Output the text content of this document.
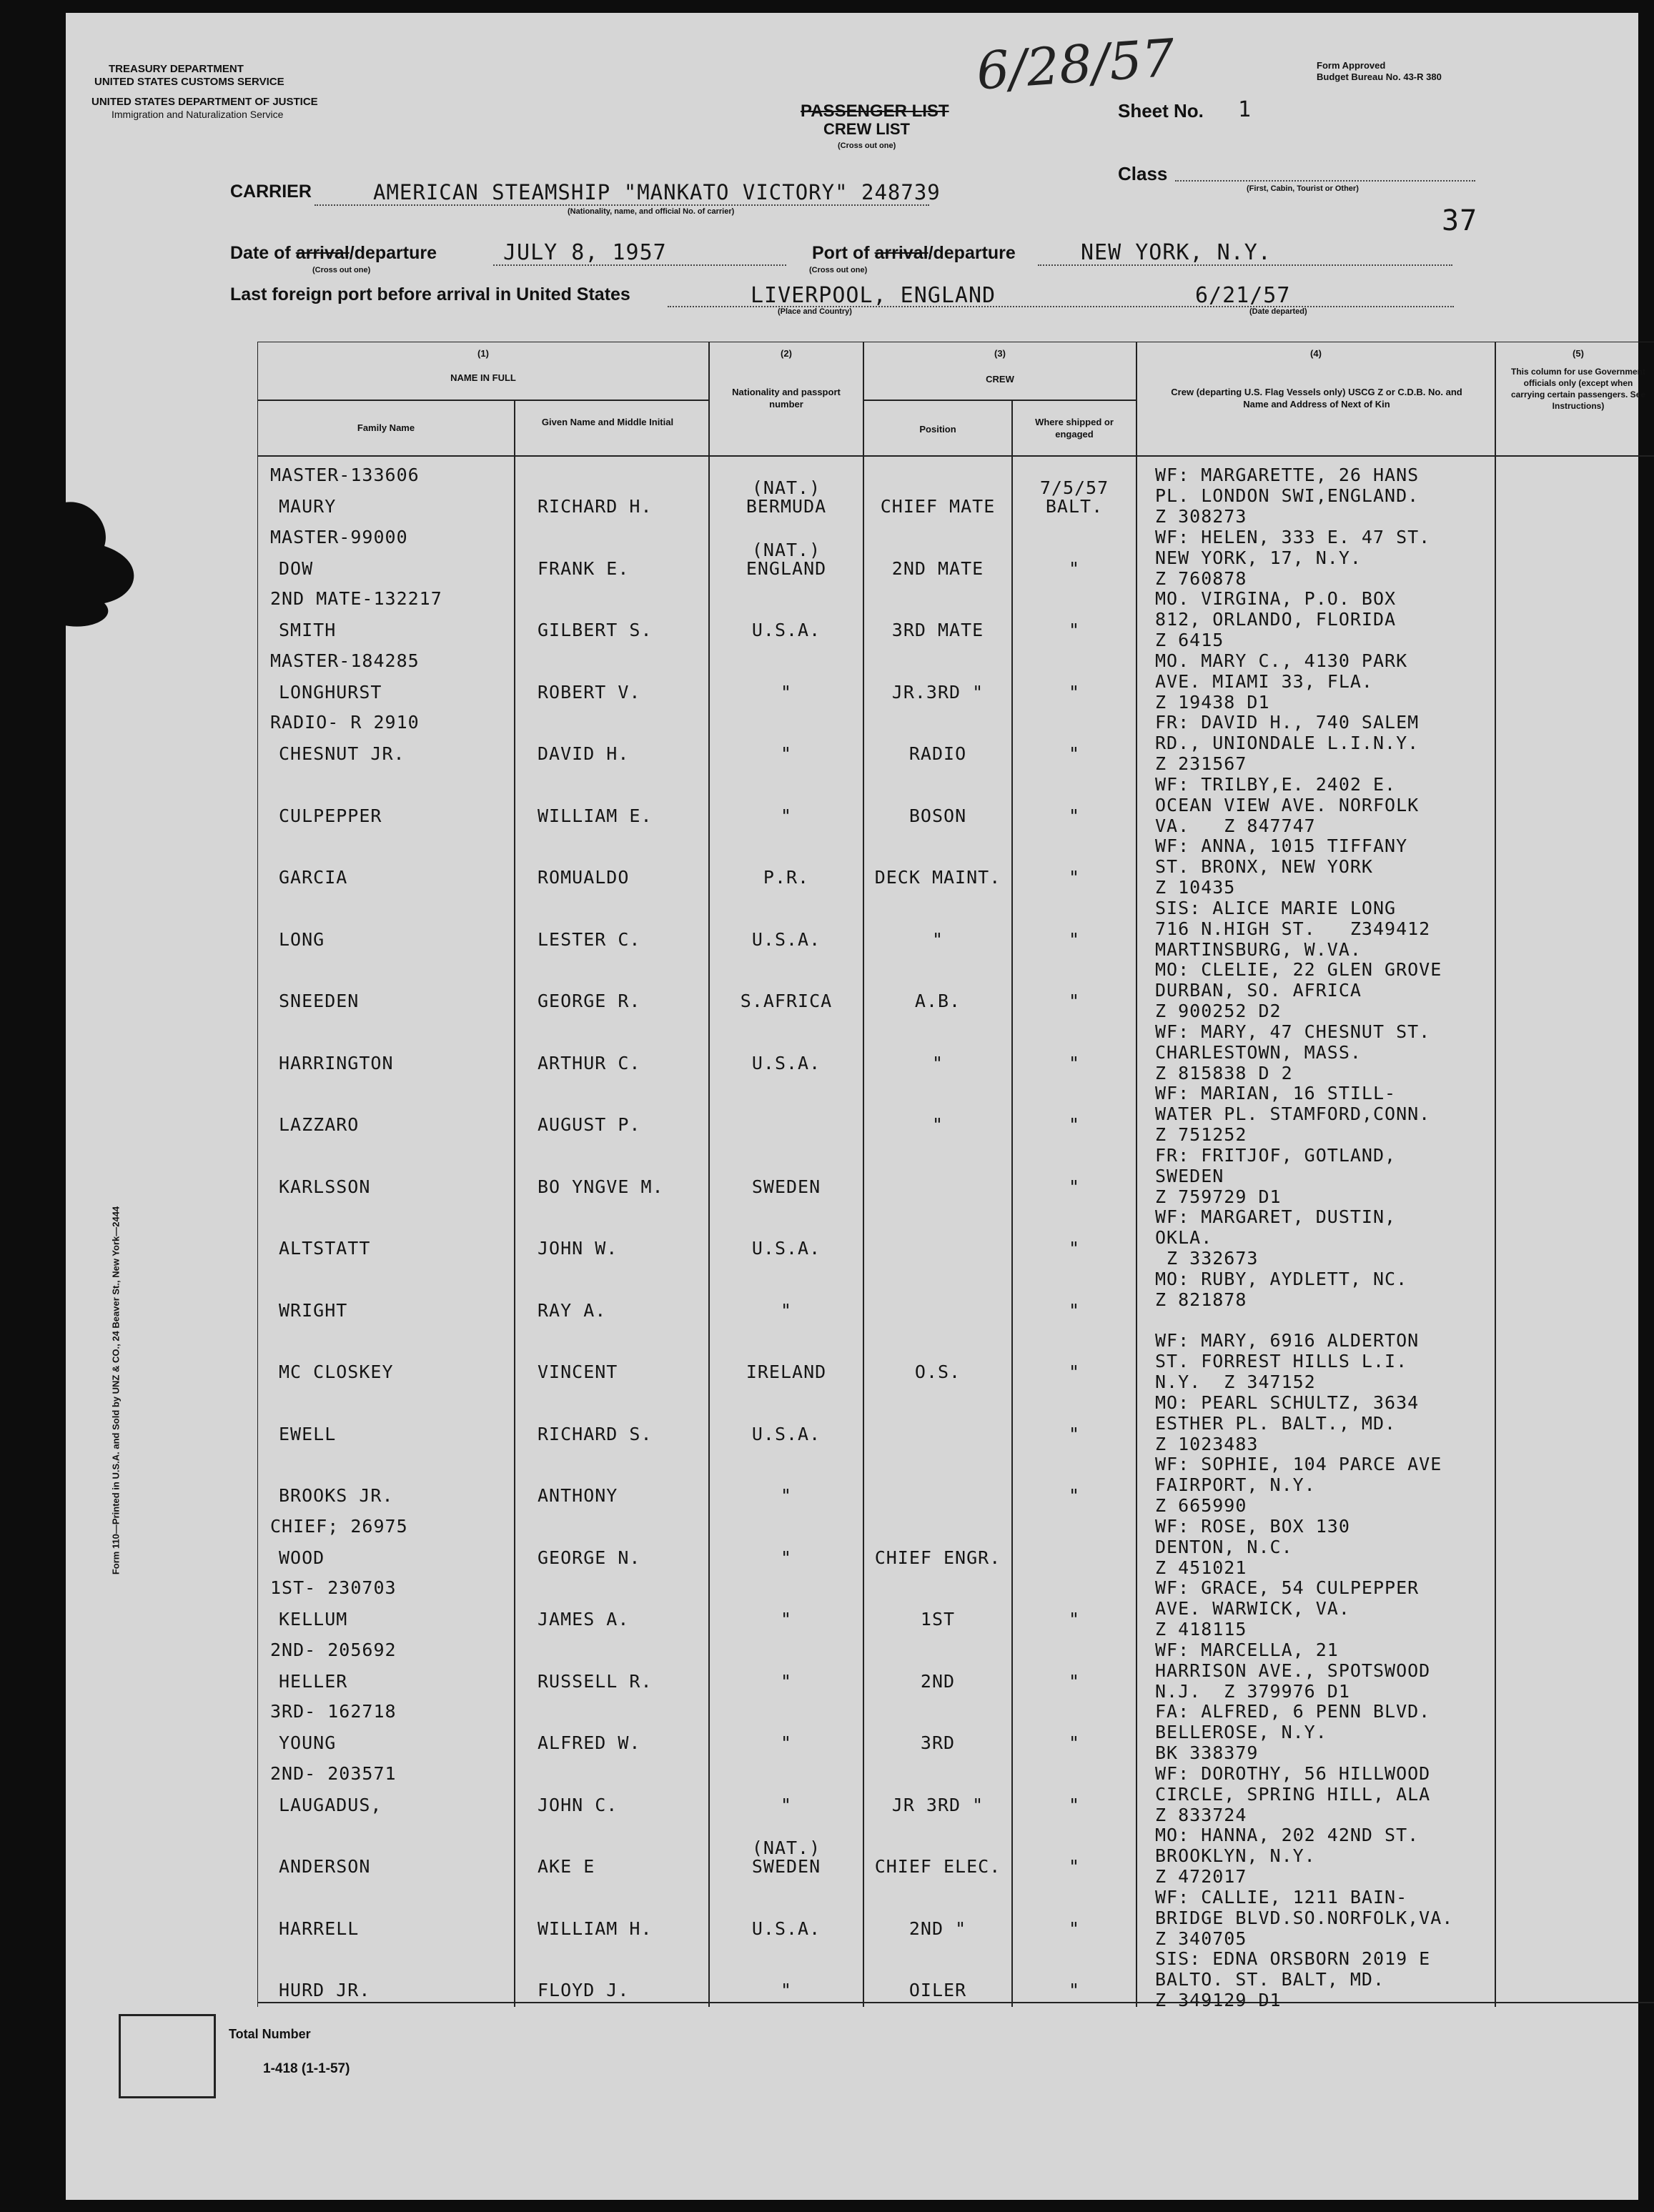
TREASURY DEPARTMENT
UNITED STATES CUSTOMS SERVICE
UNITED STATES DEPARTMENT OF JUSTICE
Immigration and Naturalization Service
Form Approved
Budget Bureau No. 43-R 380
PASSENGER LIST
CREW LIST
(Cross out one)
6/28/57
Sheet No. 1
Class
(First, Cabin, Tourist or Other)
37
CARRIER	AMERICAN STEAMSHIP "MANKATO VICTORY" 248739
(Nationality, name, and official No. of carrier)
Date of arrival/departure	JULY 8, 1957
(Cross out one)
Port of arrival/departure	NEW YORK, N.Y.
(Cross out one)
Last foreign port before arrival in United States	LIVERPOOL, ENGLAND
(Place and Country)
6/21/57
(Date departed)
Form 110—Printed in U.S.A. and Sold by UNZ & CO., 24 Beaver St., New York—2444
(1)
NAME IN FULL
Family Name
Given Name and Middle Initial
(2)
Nationality and passport number
(3)
CREW
Position
Where shipped or engaged
(4)
Crew (departing U.S. Flag Vessels only) USCG Z or C.D.B. No. and Name and Address of Next of Kin
(5)
This column for use Government officials only (except when carrying certain passengers. See Instructions)
MASTER-133606
MAURY	RICHARD H.
(NAT.)
BERMUDA	CHIEF MATE
7/5/57
BALT.
WF: MARGARETTE, 26 HANS
PL. LONDON SWI,ENGLAND.
Z 308273
MASTER-99000
DOW	FRANK E.
(NAT.)
ENGLAND	2ND MATE	"
WF: HELEN, 333 E. 47 ST.
NEW YORK, 17, N.Y.
Z 760878
2ND MATE-132217
SMITH	GILBERT S.	U.S.A.	3RD MATE	"
MO. VIRGINA, P.O. BOX
812, ORLANDO, FLORIDA
Z 6415
MASTER-184285
LONGHURST	ROBERT V.	"	JR.3RD "	"
MO. MARY C., 4130 PARK
AVE. MIAMI 33, FLA.
Z 19438 D1
RADIO- R 2910
CHESNUT JR.	DAVID H.	"	RADIO	"
FR: DAVID H., 740 SALEM
RD., UNIONDALE L.I.N.Y.
Z 231567
CULPEPPER	WILLIAM E.	"	BOSON	"
WF: TRILBY,E. 2402 E.
OCEAN VIEW AVE. NORFOLK
VA.   Z 847747
GARCIA	ROMUALDO	P.R.	DECK MAINT.	"
WF: ANNA, 1015 TIFFANY
ST. BRONX, NEW YORK
Z 10435
LONG	LESTER C.	U.S.A.	"	"
SIS: ALICE MARIE LONG
716 N.HIGH ST.   Z349412
MARTINSBURG, W.VA.
SNEEDEN	GEORGE R.	S.AFRICA	A.B.	"
MO: CLELIE, 22 GLEN GROVE
DURBAN, SO. AFRICA
Z 900252 D2
HARRINGTON	ARTHUR C.	U.S.A.	"	"
WF: MARY, 47 CHESNUT ST.
CHARLESTOWN, MASS.
Z 815838 D 2
LAZZARO	AUGUST P.	"	"
WF: MARIAN, 16 STILL-
WATER PL. STAMFORD,CONN.
Z 751252
KARLSSON	BO YNGVE M.	SWEDEN	"
FR: FRITJOF, GOTLAND,
SWEDEN
Z 759729 D1
ALTSTATT	JOHN W.	U.S.A.	"
WF: MARGARET, DUSTIN,
OKLA.
Z 332673
WRIGHT	RAY A.	"	"
MO: RUBY, AYDLETT, NC.
Z 821878
MC CLOSKEY	VINCENT	IRELAND	O.S.	"
WF: MARY, 6916 ALDERTON
ST. FORREST HILLS L.I.
N.Y.  Z 347152
EWELL	RICHARD S.	U.S.A.	"
MO: PEARL SCHULTZ, 3634
ESTHER PL. BALT., MD.
Z 1023483
BROOKS JR.	ANTHONY	"	"
WF: SOPHIE, 104 PARCE AVE
FAIRPORT, N.Y.
Z 665990
CHIEF; 26975
WOOD	GEORGE N.	"	CHIEF ENGR.
WF: ROSE, BOX 130
DENTON, N.C.
Z 451021
1ST- 230703
KELLUM	JAMES A.	"	1ST	"
WF: GRACE, 54 CULPEPPER
AVE. WARWICK, VA.
Z 418115
2ND- 205692
HELLER	RUSSELL R.	"	2ND	"
WF: MARCELLA, 21
HARRISON AVE., SPOTSWOOD
N.J.  Z 379976 D1
3RD- 162718
YOUNG	ALFRED W.	"	3RD	"
FA: ALFRED, 6 PENN BLVD.
BELLEROSE, N.Y.
BK 338379
2ND- 203571
LAUGADUS,	JOHN C.	"	JR 3RD "	"
WF: DOROTHY, 56 HILLWOOD
CIRCLE, SPRING HILL, ALA
Z 833724
ANDERSON	AKE E
(NAT.)
SWEDEN	CHIEF ELEC.	"
MO: HANNA, 202 42ND ST.
BROOKLYN, N.Y.
Z 472017
HARRELL	WILLIAM H.	U.S.A.	2ND "	"
WF: CALLIE, 1211 BAIN-
BRIDGE BLVD.SO.NORFOLK,VA.
Z 340705
HURD JR.	FLOYD J.	"	OILER	"
SIS: EDNA ORSBORN 2019 E
BALTO. ST. BALT, MD.
Z 349129 D1
Total Number
1-418 (1-1-57)
